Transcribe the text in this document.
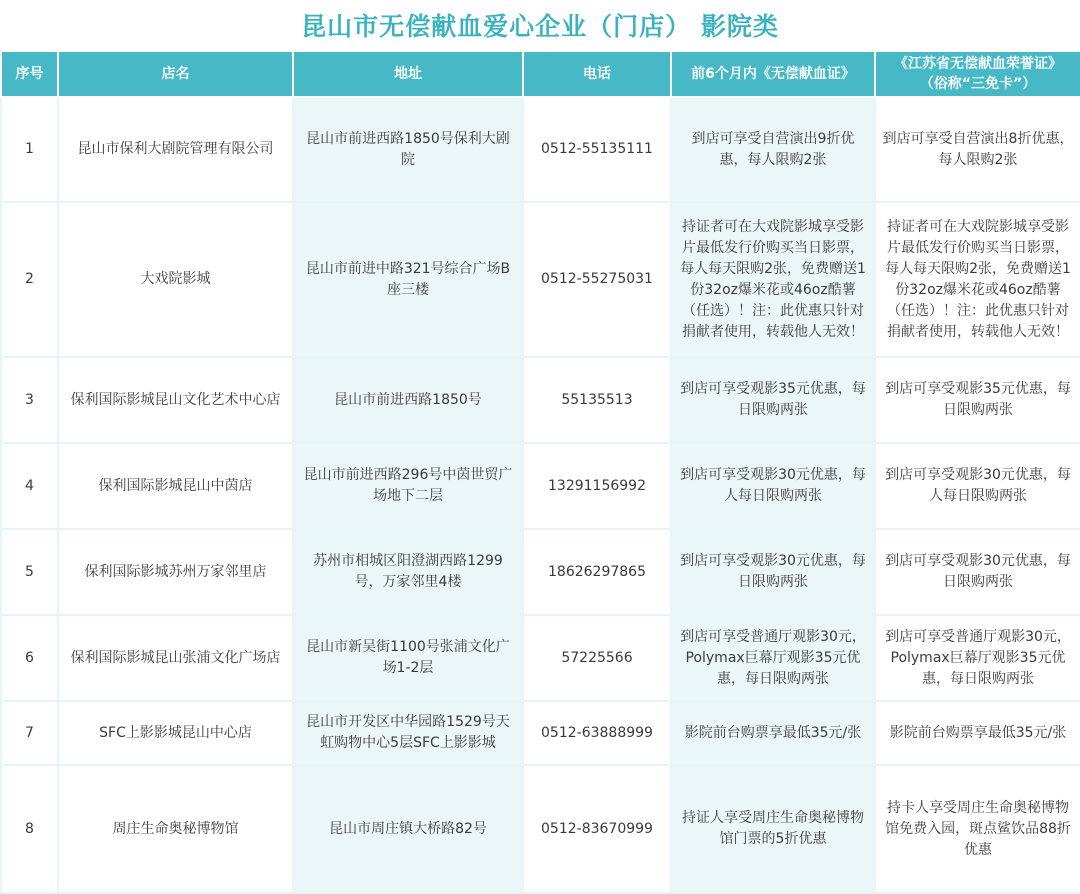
昆山市无偿献血爱心企业（门店） 影院类
序号	店名	地址	电话	前6个月内《无偿献血证》	《江苏省无偿献血荣誉证》
（俗称“三免卡”）

1	昆山市保利大剧院管理有限公司	昆山市前进西路1850号保利大剧院	0512-55135111	到店可享受自营演出9折优惠，每人限购2张	到店可享受自营演出8折优惠，每人限购2张
2	大戏院影城	昆山市前进中路321号综合广场B座三楼	0512-55275031	持证者可在大戏院影城享受影片最低发行价购买当日影票，每人每天限购2张，免费赠送1份32oz爆米花或46oz酷薯（任选）！注：此优惠只针对捐献者使用，转载他人无效！	持证者可在大戏院影城享受影片最低发行价购买当日影票，每人每天限购2张，免费赠送1份32oz爆米花或46oz酷薯（任选）！注：此优惠只针对捐献者使用，转载他人无效！
3	保利国际影城昆山文化艺术中心店	昆山市前进西路1850号	55135513	到店可享受观影35元优惠，每日限购两张	到店可享受观影35元优惠，每日限购两张
4	保利国际影城昆山中茵店	昆山市前进西路296号中茵世贸广场地下二层	13291156992	到店可享受观影30元优惠，每人每日限购两张	到店可享受观影30元优惠，每人每日限购两张
5	保利国际影城苏州万家邻里店	苏州市相城区阳澄湖西路1299号，万家邻里4楼	18626297865	到店可享受观影30元优惠，每日限购两张	到店可享受观影30元优惠，每日限购两张
6	保利国际影城昆山张浦文化广场店	昆山市新吴街1100号张浦文化广场1-2层	57225566	到店可享受普通厅观影30元，Polymax巨幕厅观影35元优惠，每日限购两张	到店可享受普通厅观影30元，Polymax巨幕厅观影35元优惠，每日限购两张
7	SFC上影影城昆山中心店	昆山市开发区中华园路1529号天虹购物中心5层SFC上影影城	0512-63888999	影院前台购票享最低35元/张	影院前台购票享最低35元/张
8	周庄生命奥秘博物馆	昆山市周庄镇大桥路82号	0512-83670999	持证人享受周庄生命奥秘博物馆门票的5折优惠	持卡人享受周庄生命奥秘博物馆免费入园，斑点鲨饮品88折优惠
